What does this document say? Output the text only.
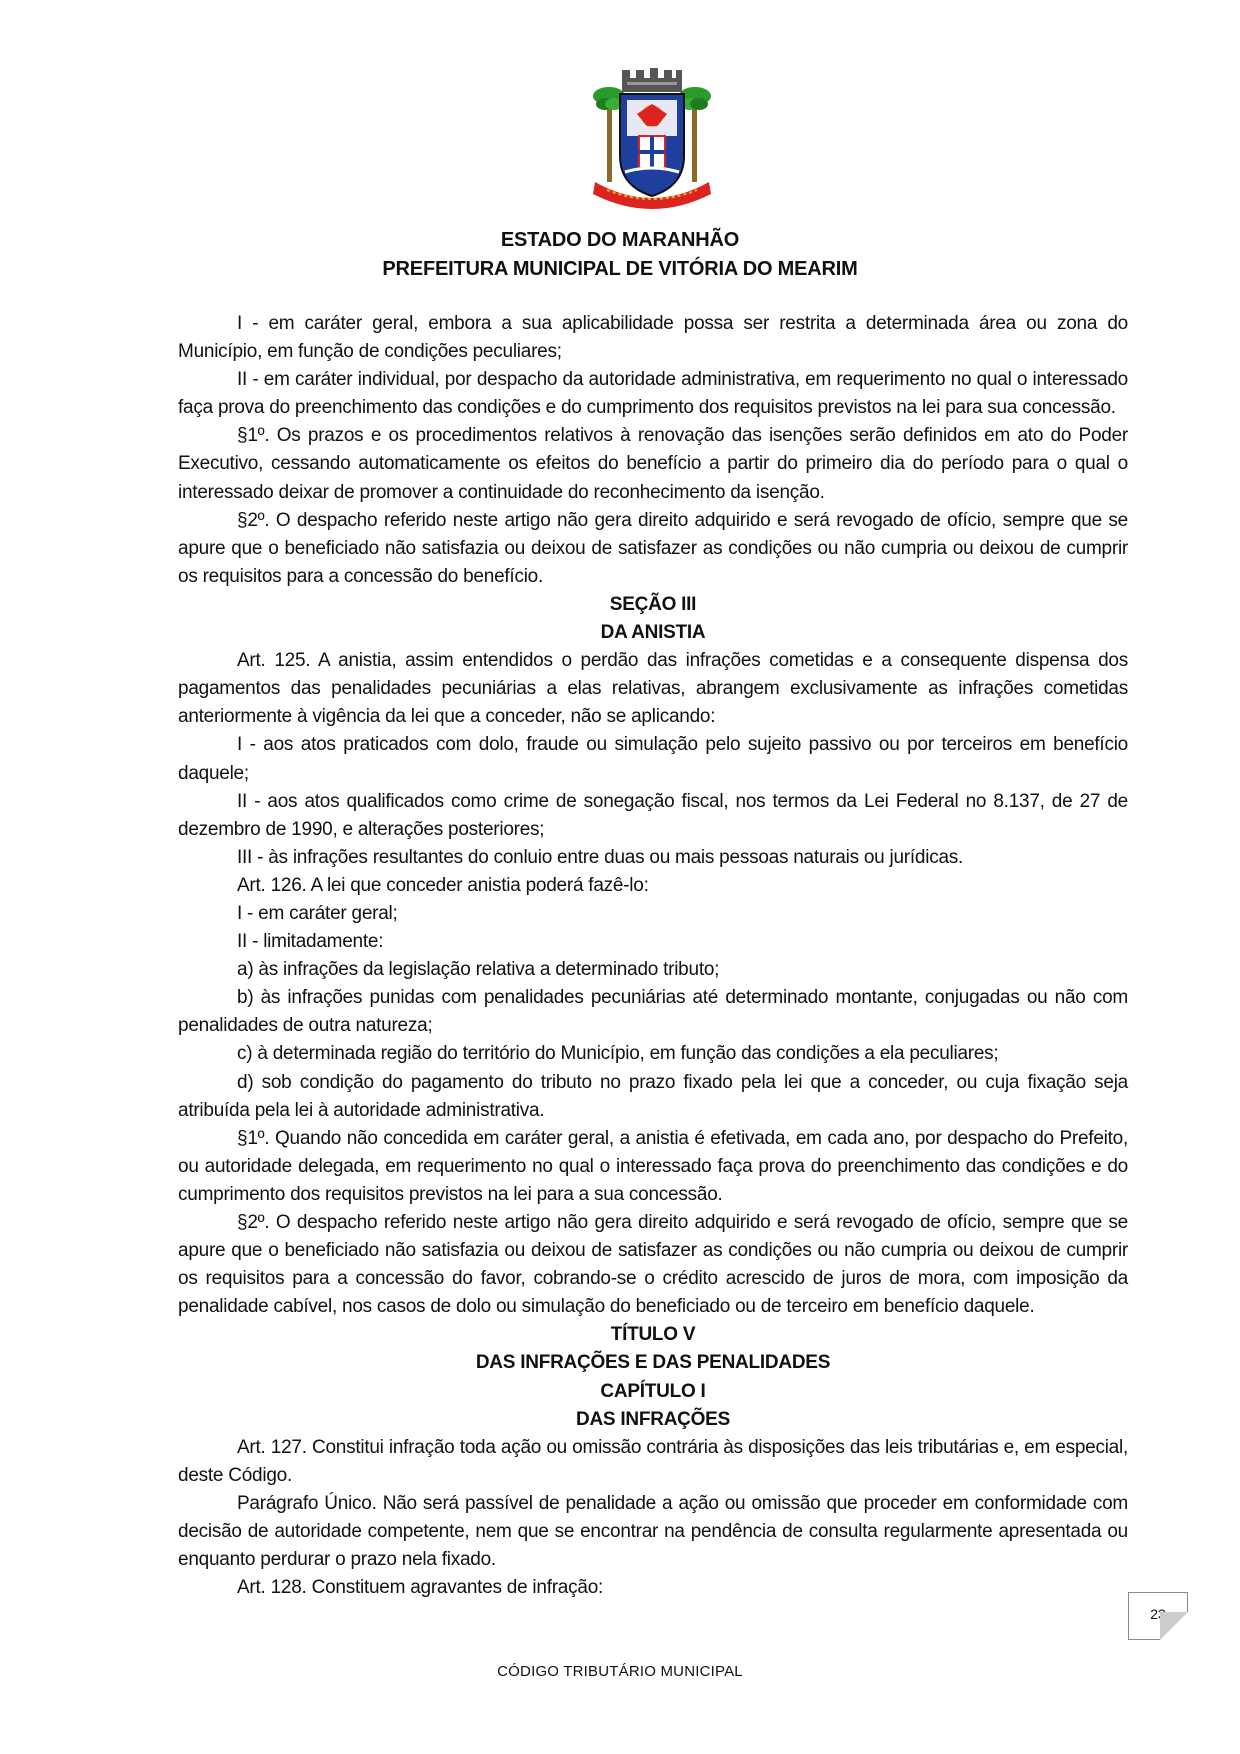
ESTADO DO MARANHÃO
PREFEITURA MUNICIPAL DE VITÓRIA DO MEARIM

I - em caráter geral, embora a sua aplicabilidade possa ser restrita a determinada área ou zona do Município, em função de condições peculiares;

II - em caráter individual, por despacho da autoridade administrativa, em requerimento no qual o interessado faça prova do preenchimento das condições e do cumprimento dos requisitos previstos na lei para sua concessão.

§1º. Os prazos e os procedimentos relativos à renovação das isenções serão definidos em ato do Poder Executivo, cessando automaticamente os efeitos do benefício a partir do primeiro dia do período para o qual o interessado deixar de promover a continuidade do reconhecimento da isenção.

§2º. O despacho referido neste artigo não gera direito adquirido e será revogado de ofício, sempre que se apure que o beneficiado não satisfazia ou deixou de satisfazer as condições ou não cumpria ou deixou de cumprir os requisitos para a concessão do benefício.

SEÇÃO III

DA ANISTIA

Art. 125. A anistia, assim entendidos o perdão das infrações cometidas e a consequente dispensa dos pagamentos das penalidades pecuniárias a elas relativas, abrangem exclusivamente as infrações cometidas anteriormente à vigência da lei que a conceder, não se aplicando:

I - aos atos praticados com dolo, fraude ou simulação pelo sujeito passivo ou por terceiros em benefício daquele;

II - aos atos qualificados como crime de sonegação fiscal, nos termos da Lei Federal no 8.137, de 27 de dezembro de 1990, e alterações posteriores;

III - às infrações resultantes do conluio entre duas ou mais pessoas naturais ou jurídicas.

Art. 126. A lei que conceder anistia poderá fazê-lo:

I - em caráter geral;

II - limitadamente:

a) às infrações da legislação relativa a determinado tributo;

b) às infrações punidas com penalidades pecuniárias até determinado montante, conjugadas ou não com penalidades de outra natureza;

c) à determinada região do território do Município, em função das condições a ela peculiares;

d) sob condição do pagamento do tributo no prazo fixado pela lei que a conceder, ou cuja fixação seja atribuída pela lei à autoridade administrativa.

§1º. Quando não concedida em caráter geral, a anistia é efetivada, em cada ano, por despacho do Prefeito, ou autoridade delegada, em requerimento no qual o interessado faça prova do preenchimento das condições e do cumprimento dos requisitos previstos na lei para a sua concessão.

§2º. O despacho referido neste artigo não gera direito adquirido e será revogado de ofício, sempre que se apure que o beneficiado não satisfazia ou deixou de satisfazer as condições ou não cumpria ou deixou de cumprir os requisitos para a concessão do favor, cobrando-se o crédito acrescido de juros de mora, com imposição da penalidade cabível, nos casos de dolo ou simulação do beneficiado ou de terceiro em benefício daquele.

TÍTULO V

DAS INFRAÇÕES E DAS PENALIDADES

CAPÍTULO I

DAS INFRAÇÕES

Art. 127. Constitui infração toda ação ou omissão contrária às disposições das leis tributárias e, em especial, deste Código.

Parágrafo Único. Não será passível de penalidade a ação ou omissão que proceder em conformidade com decisão de autoridade competente, nem que se encontrar na pendência de consulta regularmente apresentada ou enquanto perdurar o prazo nela fixado.

Art. 128. Constituem agravantes de infração:

23
CÓDIGO TRIBUTÁRIO MUNICIPAL
